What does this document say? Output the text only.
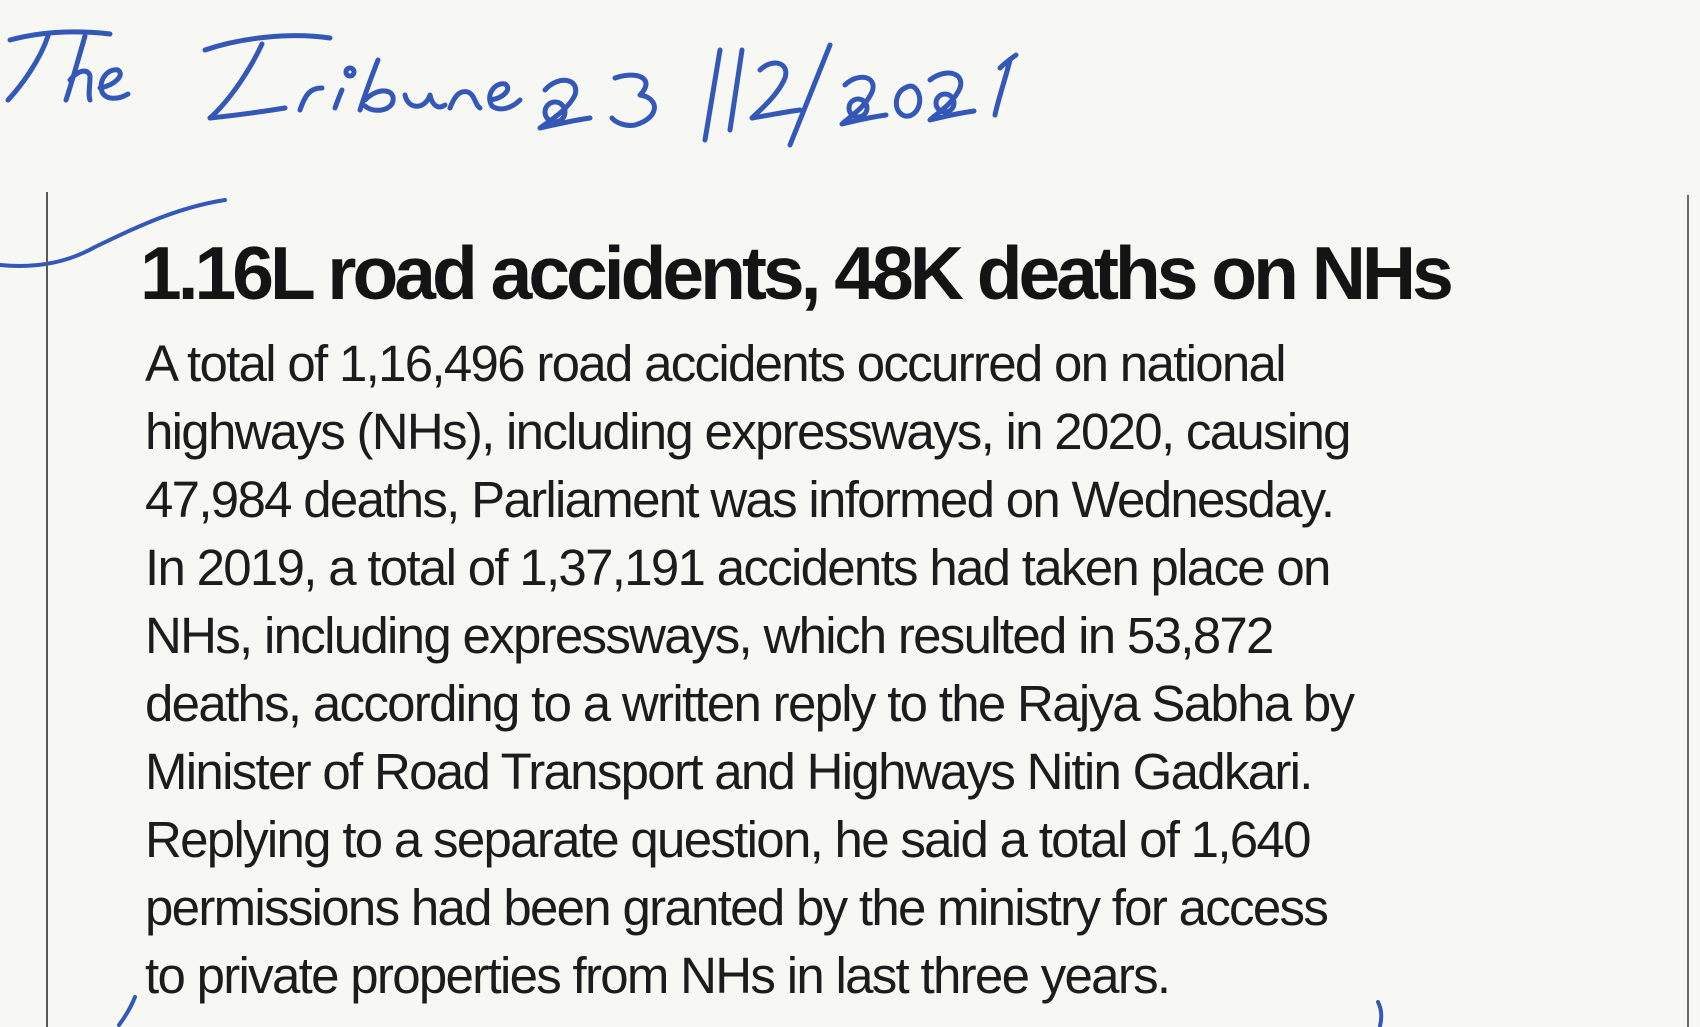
1.16L road accidents, 48K deaths on NHs
A total of 1,16,496 road accidents occurred on national
highways (NHs), including expressways, in 2020, causing
47,984 deaths, Parliament was informed on Wednesday.
In 2019, a total of 1,37,191 accidents had taken place on
NHs, including expressways, which resulted in 53,872
deaths, according to a written reply to the Rajya Sabha by
Minister of Road Transport and Highways Nitin Gadkari.
Replying to a separate question, he said a total of 1,640
permissions had been granted by the ministry for access
to private properties from NHs in last three years.
